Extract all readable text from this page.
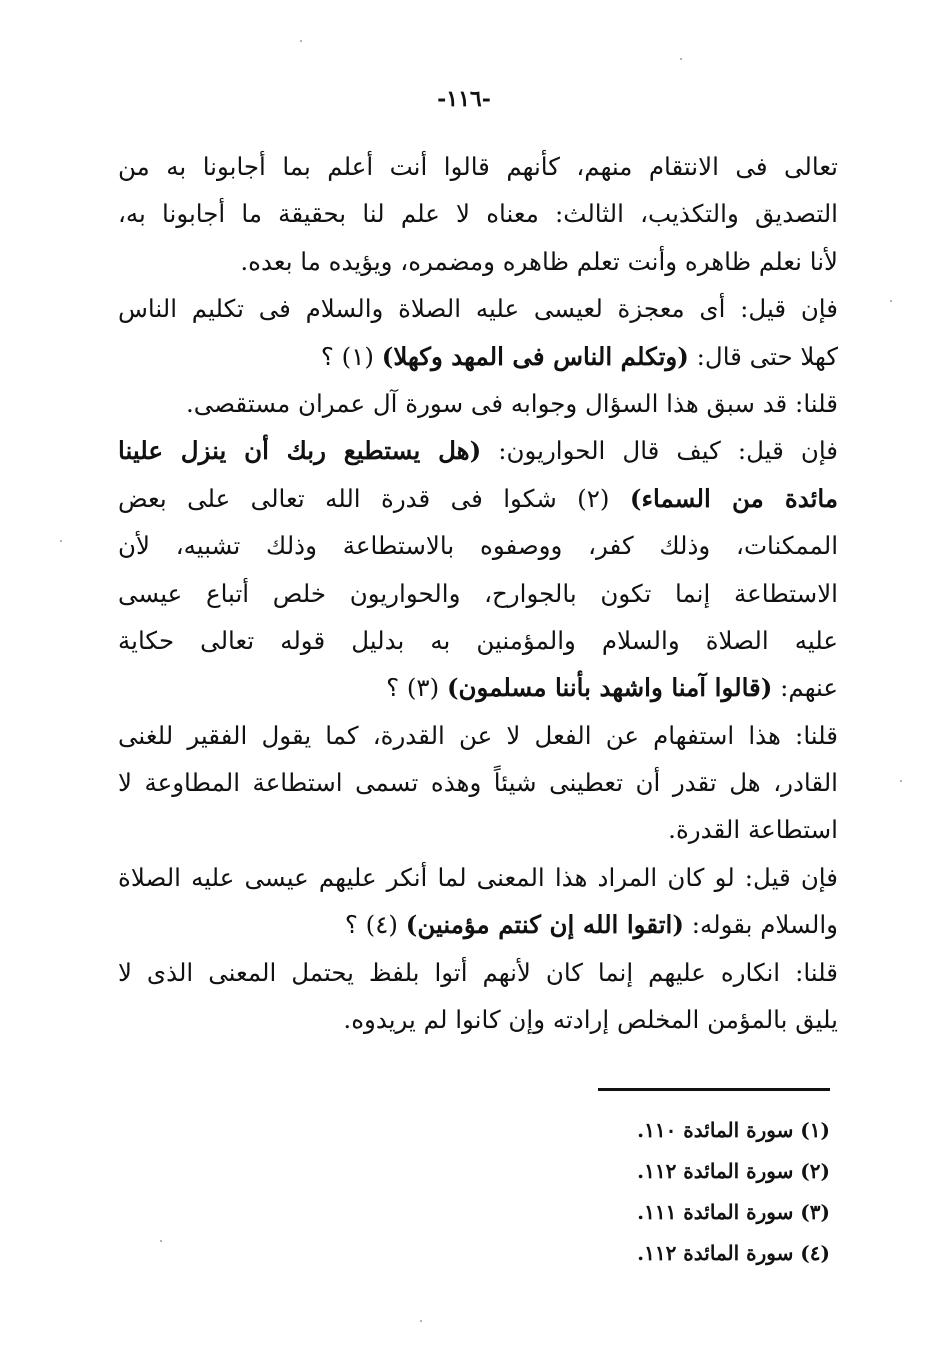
-١١٦-
تعالى فى الانتقام منهم، كأنهم قالوا أنت أعلم بما أجابونا به من
التصديق والتكذيب، الثالث: معناه لا علم لنا بحقيقة ما أجابونا به،
لأنا نعلم ظاهره وأنت تعلم ظاهره ومضمره، ويؤيده ما بعده.
فإن قيل: أى معجزة لعيسى عليه الصلاة والسلام فى تكليم الناس
كهلا حتى قال: (وتكلم الناس فى المهد وكهلا) (١) ؟
قلنا: قد سبق هذا السؤال وجوابه فى سورة آل عمران مستقصى.
فإن قيل: كيف قال الحواريون: (هل يستطيع ربك أن ينزل علينا
مائدة من السماء) (٢) شكوا فى قدرة الله تعالى على بعض
الممكنات، وذلك كفر، ووصفوه بالاستطاعة وذلك تشبيه، لأن
الاستطاعة إنما تكون بالجوارح، والحواريون خلص أتباع عيسى
عليه الصلاة والسلام والمؤمنين به بدليل قوله تعالى حكاية
عنهم: (قالوا آمنا واشهد بأننا مسلمون) (٣) ؟
قلنا: هذا استفهام عن الفعل لا عن القدرة، كما يقول الفقير للغنى
القادر، هل تقدر أن تعطينى شيئاً وهذه تسمى استطاعة المطاوعة لا
استطاعة القدرة.
فإن قيل: لو كان المراد هذا المعنى لما أنكر عليهم عيسى عليه الصلاة
والسلام بقوله: (اتقوا الله إن كنتم مؤمنين) (٤) ؟
قلنا: انكاره عليهم إنما كان لأنهم أتوا بلفظ يحتمل المعنى الذى لا
يليق بالمؤمن المخلص إرادته وإن كانوا لم يريدوه.
(١) سورة المائدة ١١٠.
(٢) سورة المائدة ١١٢.
(٣) سورة المائدة ١١١.
(٤) سورة المائدة ١١٢.
